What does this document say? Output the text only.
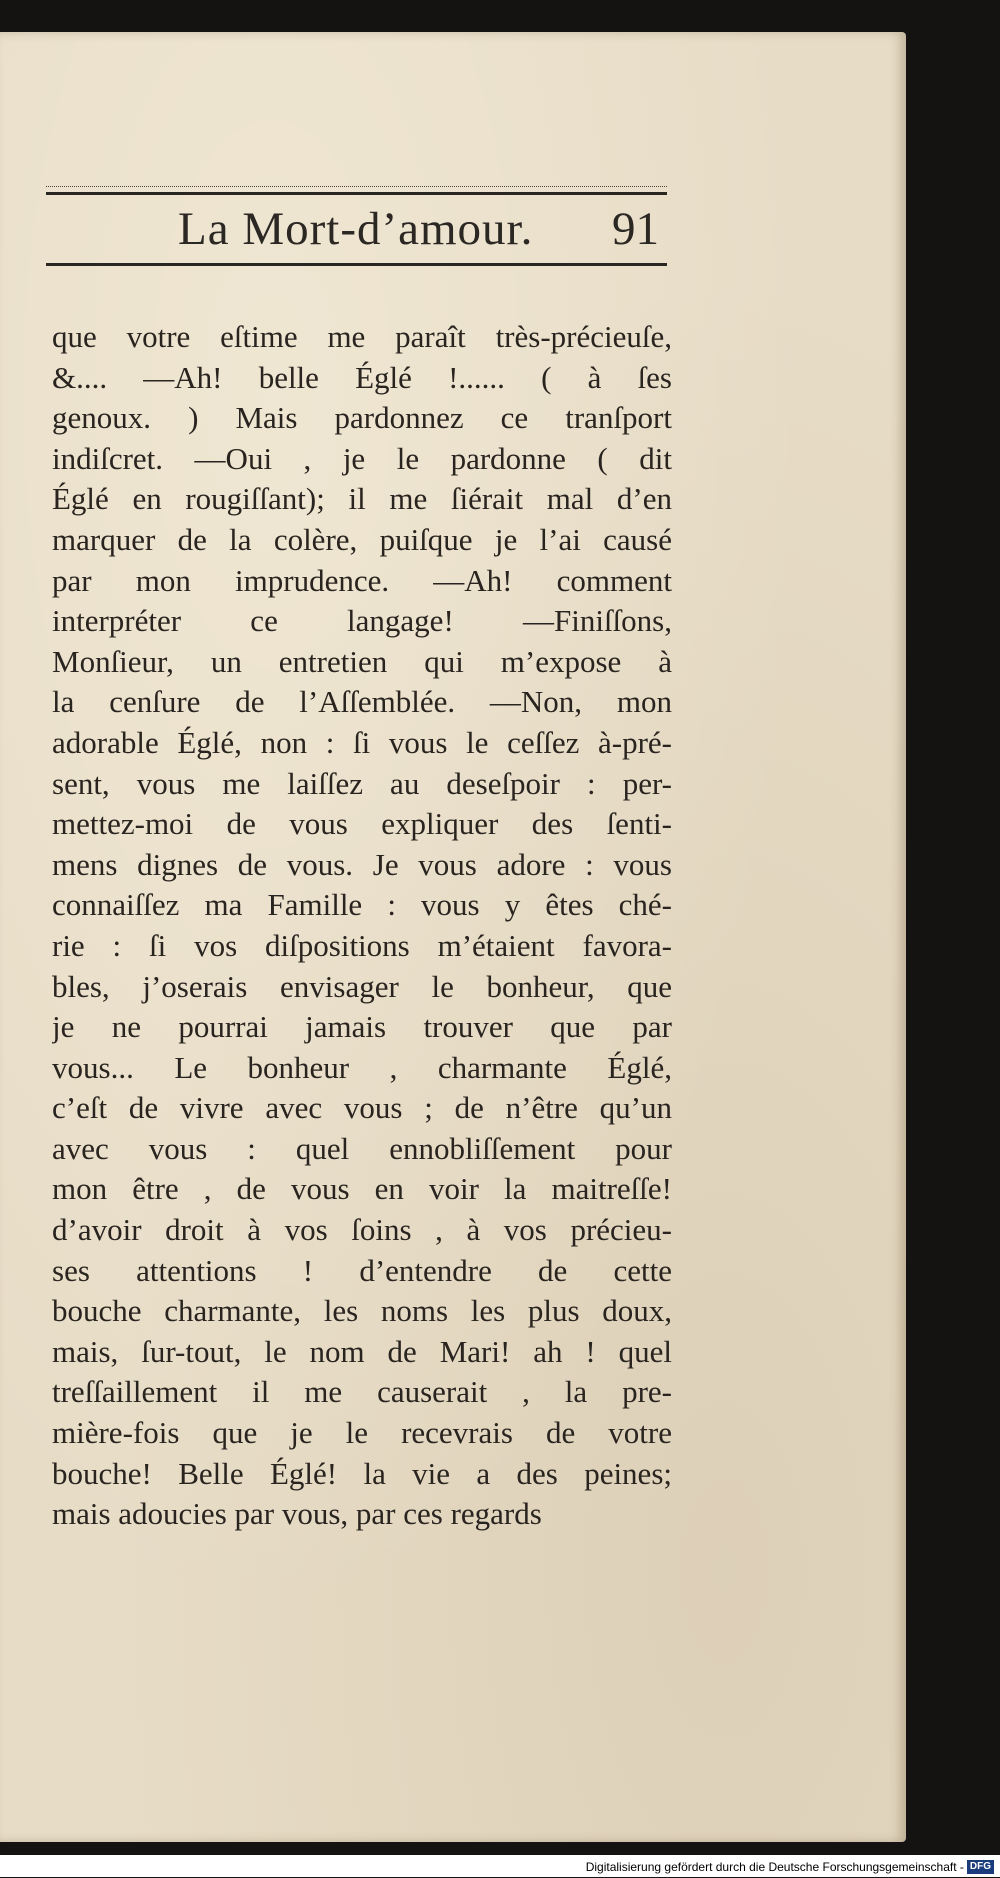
La Mort-d’amour. 91
que votre eſtime me paraît très-précieuſe,
&.... —Ah! belle Églé !...... ( à ſes
genoux. ) Mais pardonnez ce tranſport
indiſcret. —Oui , je le pardonne ( dit
Églé en rougiſſant); il me ſiérait mal d’en
marquer de la colère, puiſque je l’ai causé
par mon imprudence. —Ah! comment
interpréter ce langage! —Finiſſons,
Monſieur, un entretien qui m’expose à
la cenſure de l’Aſſemblée. —Non, mon
adorable Églé, non : ſi vous le ceſſez à-pré-
sent, vous me laiſſez au deseſpoir : per-
mettez-moi de vous expliquer des ſenti-
mens dignes de vous. Je vous adore : vous
connaiſſez ma Famille : vous y êtes ché-
rie : ſi vos diſpositions m’étaient favora-
bles, j’oserais envisager le bonheur, que
je ne pourrai jamais trouver que par
vous... Le bonheur , charmante Églé,
c’eſt de vivre avec vous ; de n’être qu’un
avec vous : quel ennobliſſement pour
mon être , de vous en voir la maitreſſe!
d’avoir droit à vos ſoins , à vos précieu-
ses attentions ! d’entendre de cette
bouche charmante, les noms les plus doux,
mais, ſur-tout, le nom de Mari! ah ! quel
treſſaillement il me causerait , la pre-
mière-fois que je le recevrais de votre
bouche! Belle Églé! la vie a des peines;
mais adoucies par vous, par ces regards
Digitalisierung gefördert durch die Deutsche Forschungsgemeinschaft - DFG
